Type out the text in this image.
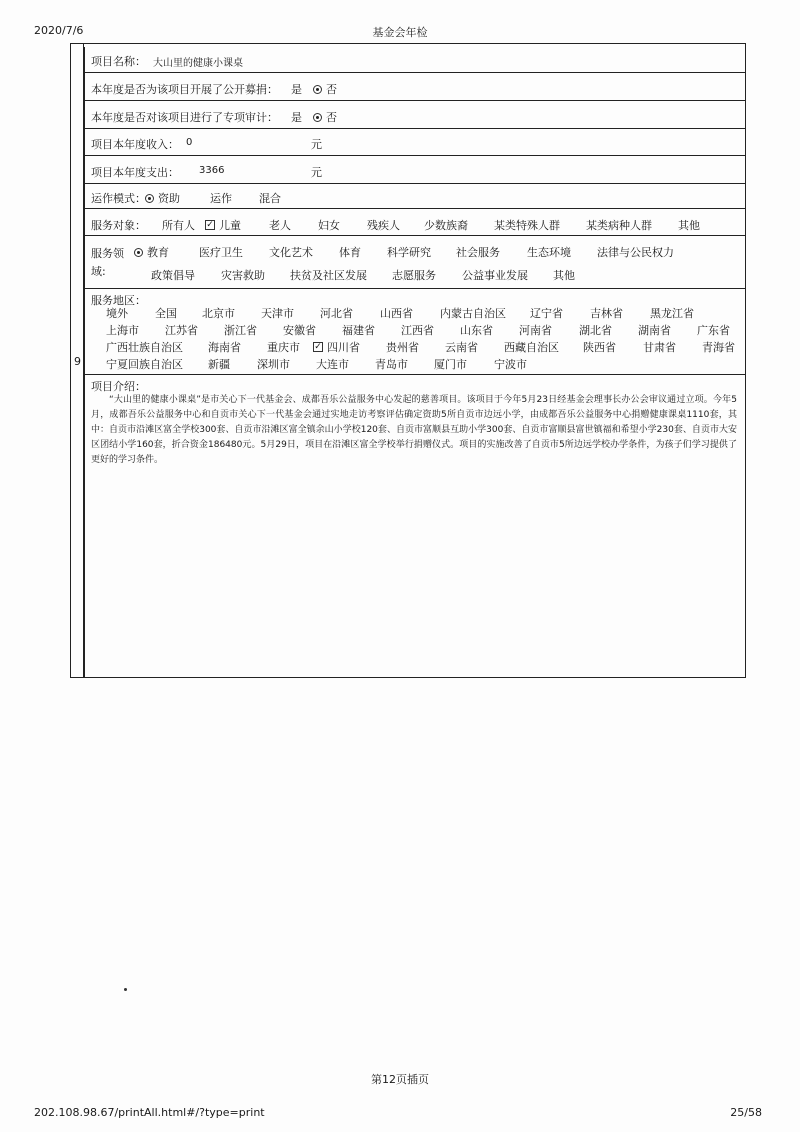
2020/7/6	基金会年检
9
项目名称： 大山里的健康小课桌
本年度是否为该项目开展了公开募捐： 是 否
本年度是否对该项目进行了专项审计： 是 否
项目本年度收入： 0	元
项目本年度支出： 3366	元
运作模式： 资助	运作 混合
服务对象： 所有人 ✓ 儿童	老人 妇女 残疾人 少数族裔 某类特殊人群 某类病种人群 其他
服务领
域:
教育	医疗卫生 文化艺术 体育 科学研究 社会服务 生态环境 法律与公民权力
政策倡导 灾害救助 扶贫及社区发展 志愿服务 公益事业发展 其他
服务地区：
境外 全国 北京市 天津市 河北省 山西省 内蒙古自治区 辽宁省 吉林省 黑龙江省
上海市 江苏省 浙江省 安徽省 福建省 江西省 山东省 河南省 湖北省 湖南省 广东省
广西壮族自治区 海南省 重庆市 ✓ 四川省 贵州省 云南省 西藏自治区 陕西省 甘肃省 青海省
宁夏回族自治区 新疆 深圳市 大连市 青岛市 厦门市 宁波市
项目介绍：
“大山里的健康小课桌”是市关心下一代基金会、成都吾乐公益服务中心发起的慈善项目。该项目于今年5月23日经基金会理事长办公会审议通过立项。今年5月，成都吾乐公益服务中心和自贡市关心下一代基金会通过实地走访考察评估确定资助5所自贡市边远小学，由成都吾乐公益服务中心捐赠健康课桌1110套，其中：自贡市沿滩区富全学校300套、自贡市沿滩区富全镇余山小学校120套、自贡市富顺县互助小学300套、自贡市富顺县富世镇福和希望小学230套、自贡市大安区团结小学160套，折合资金186480元。5月29日，项目在沿滩区富全学校举行捐赠仪式。项目的实施改善了自贡市5所边远学校办学条件，为孩子们学习提供了更好的学习条件。
第12页插页
202.108.98.67/printAll.html#/?type=print	25/58
